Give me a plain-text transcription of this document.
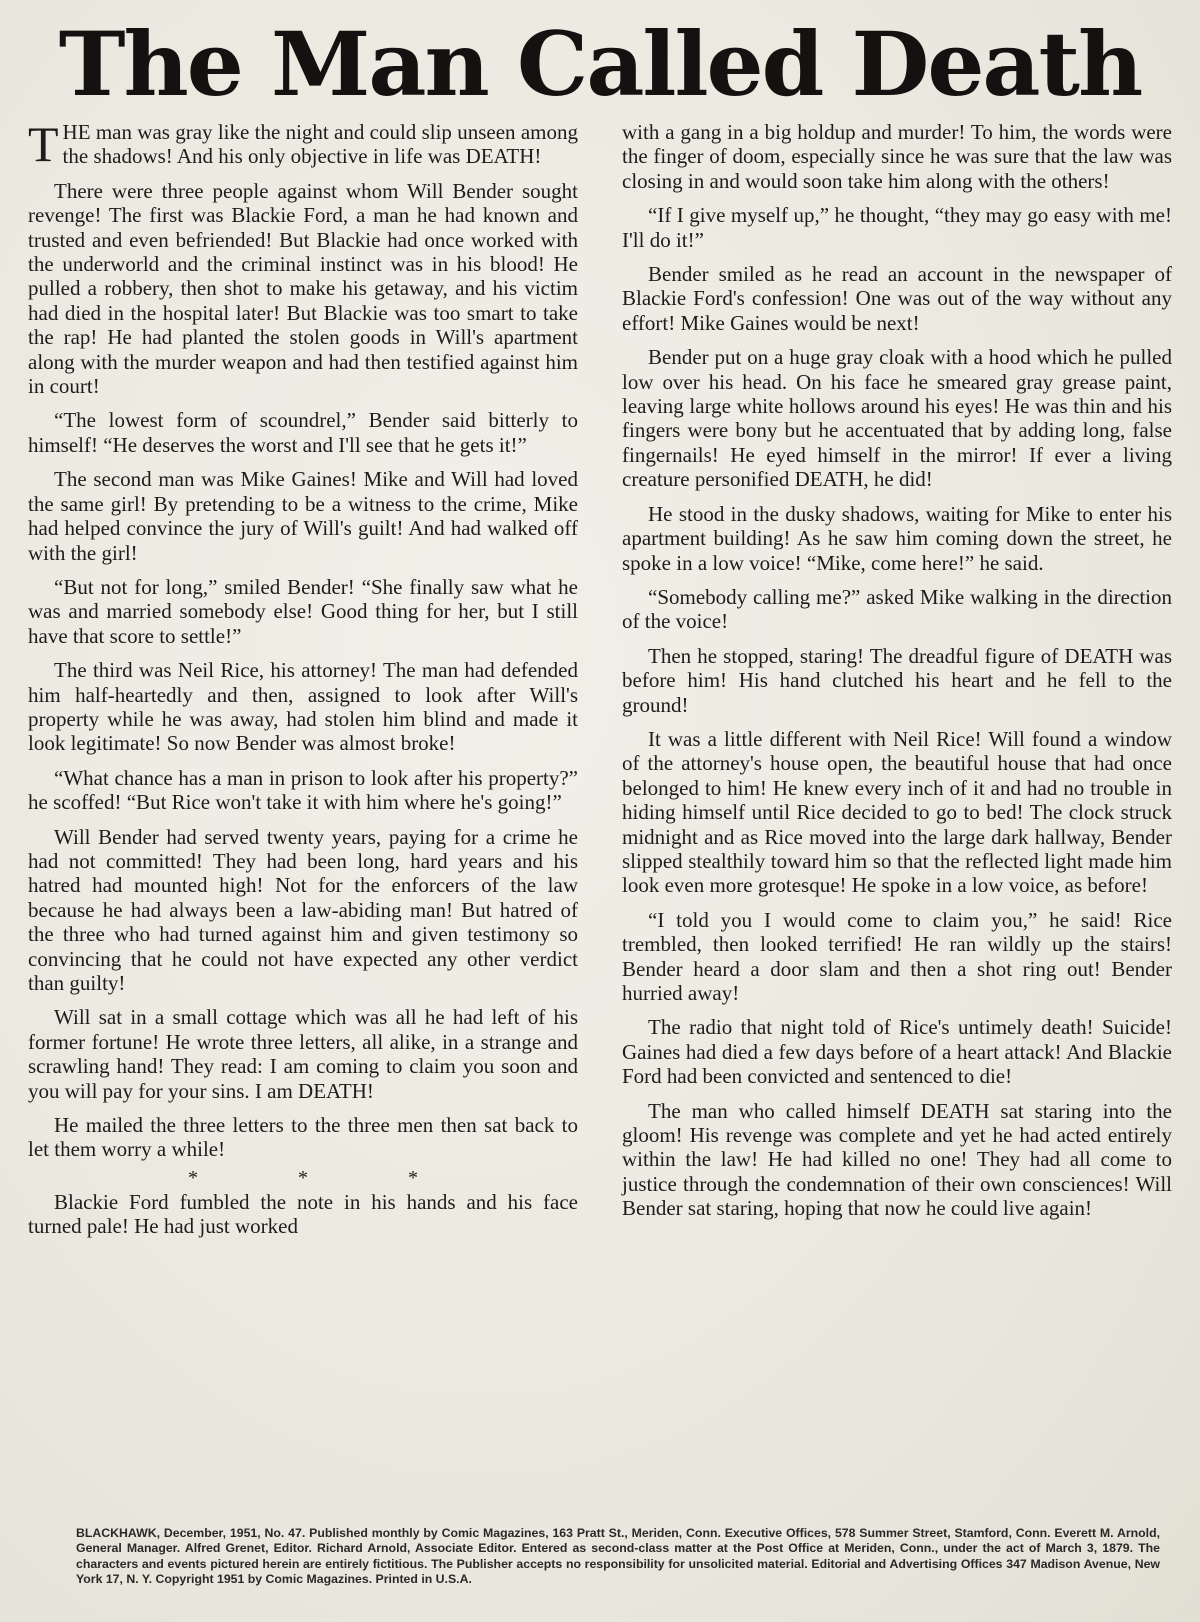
The Man Called Death

THE man was gray like the night and could slip unseen among the shadows! And his only objective in life was DEATH!

There were three people against whom Will Bender sought revenge! The first was Blackie Ford, a man he had known and trusted and even befriended! But Blackie had once worked with the underworld and the criminal instinct was in his blood! He pulled a robbery, then shot to make his getaway, and his victim had died in the hospital later! But Blackie was too smart to take the rap! He had planted the stolen goods in Will's apartment along with the murder weapon and had then testified against him in court!

“The lowest form of scoundrel,” Bender said bitterly to himself! “He deserves the worst and I'll see that he gets it!”

The second man was Mike Gaines! Mike and Will had loved the same girl! By pretending to be a witness to the crime, Mike had helped convince the jury of Will's guilt! And had walked off with the girl!

“But not for long,” smiled Bender! “She finally saw what he was and married somebody else! Good thing for her, but I still have that score to settle!”

The third was Neil Rice, his attorney! The man had defended him half-heartedly and then, assigned to look after Will's property while he was away, had stolen him blind and made it look legitimate! So now Bender was almost broke!

“What chance has a man in prison to look after his property?” he scoffed! “But Rice won't take it with him where he's going!”

Will Bender had served twenty years, paying for a crime he had not committed! They had been long, hard years and his hatred had mounted high! Not for the enforcers of the law because he had always been a law-abiding man! But hatred of the three who had turned against him and given testimony so convincing that he could not have expected any other verdict than guilty!

Will sat in a small cottage which was all he had left of his former fortune! He wrote three letters, all alike, in a strange and scrawling hand! They read: I am coming to claim you soon and you will pay for your sins. I am DEATH!

He mailed the three letters to the three men then sat back to let them worry a while!

*	*	*

Blackie Ford fumbled the note in his hands and his face turned pale! He had just worked

with a gang in a big holdup and murder! To him, the words were the finger of doom, especially since he was sure that the law was closing in and would soon take him along with the others!

“If I give myself up,” he thought, “they may go easy with me! I'll do it!”

Bender smiled as he read an account in the newspaper of Blackie Ford's confession! One was out of the way without any effort! Mike Gaines would be next!

Bender put on a huge gray cloak with a hood which he pulled low over his head. On his face he smeared gray grease paint, leaving large white hollows around his eyes! He was thin and his fingers were bony but he accentuated that by adding long, false fingernails! He eyed himself in the mirror! If ever a living creature personified DEATH, he did!

He stood in the dusky shadows, waiting for Mike to enter his apartment building! As he saw him coming down the street, he spoke in a low voice! “Mike, come here!” he said.

“Somebody calling me?” asked Mike walking in the direction of the voice!

Then he stopped, staring! The dreadful figure of DEATH was before him! His hand clutched his heart and he fell to the ground!

It was a little different with Neil Rice! Will found a window of the attorney's house open, the beautiful house that had once belonged to him! He knew every inch of it and had no trouble in hiding himself until Rice decided to go to bed! The clock struck midnight and as Rice moved into the large dark hallway, Bender slipped stealthily toward him so that the reflected light made him look even more grotesque! He spoke in a low voice, as before!

“I told you I would come to claim you,” he said! Rice trembled, then looked terrified! He ran wildly up the stairs! Bender heard a door slam and then a shot ring out! Bender hurried away!

The radio that night told of Rice's untimely death! Suicide! Gaines had died a few days before of a heart attack! And Blackie Ford had been convicted and sentenced to die!

The man who called himself DEATH sat staring into the gloom! His revenge was complete and yet he had acted entirely within the law! He had killed no one! They had all come to justice through the condemnation of their own consciences! Will Bender sat staring, hoping that now he could live again!

BLACKHAWK, December, 1951, No. 47. Published monthly by Comic Magazines, 163 Pratt St., Meriden, Conn. Executive Offices, 578 Summer Street, Stamford, Conn. Everett M. Arnold, General Manager. Alfred Grenet, Editor. Richard Arnold, Associate Editor. Entered as second-class matter at the Post Office at Meriden, Conn., under the act of March 3, 1879. The characters and events pictured herein are entirely fictitious. The Publisher accepts no responsibility for unsolicited material. Editorial and Advertising Offices 347 Madison Avenue, New York 17, N. Y. Copyright 1951 by Comic Magazines. Printed in U.S.A.
